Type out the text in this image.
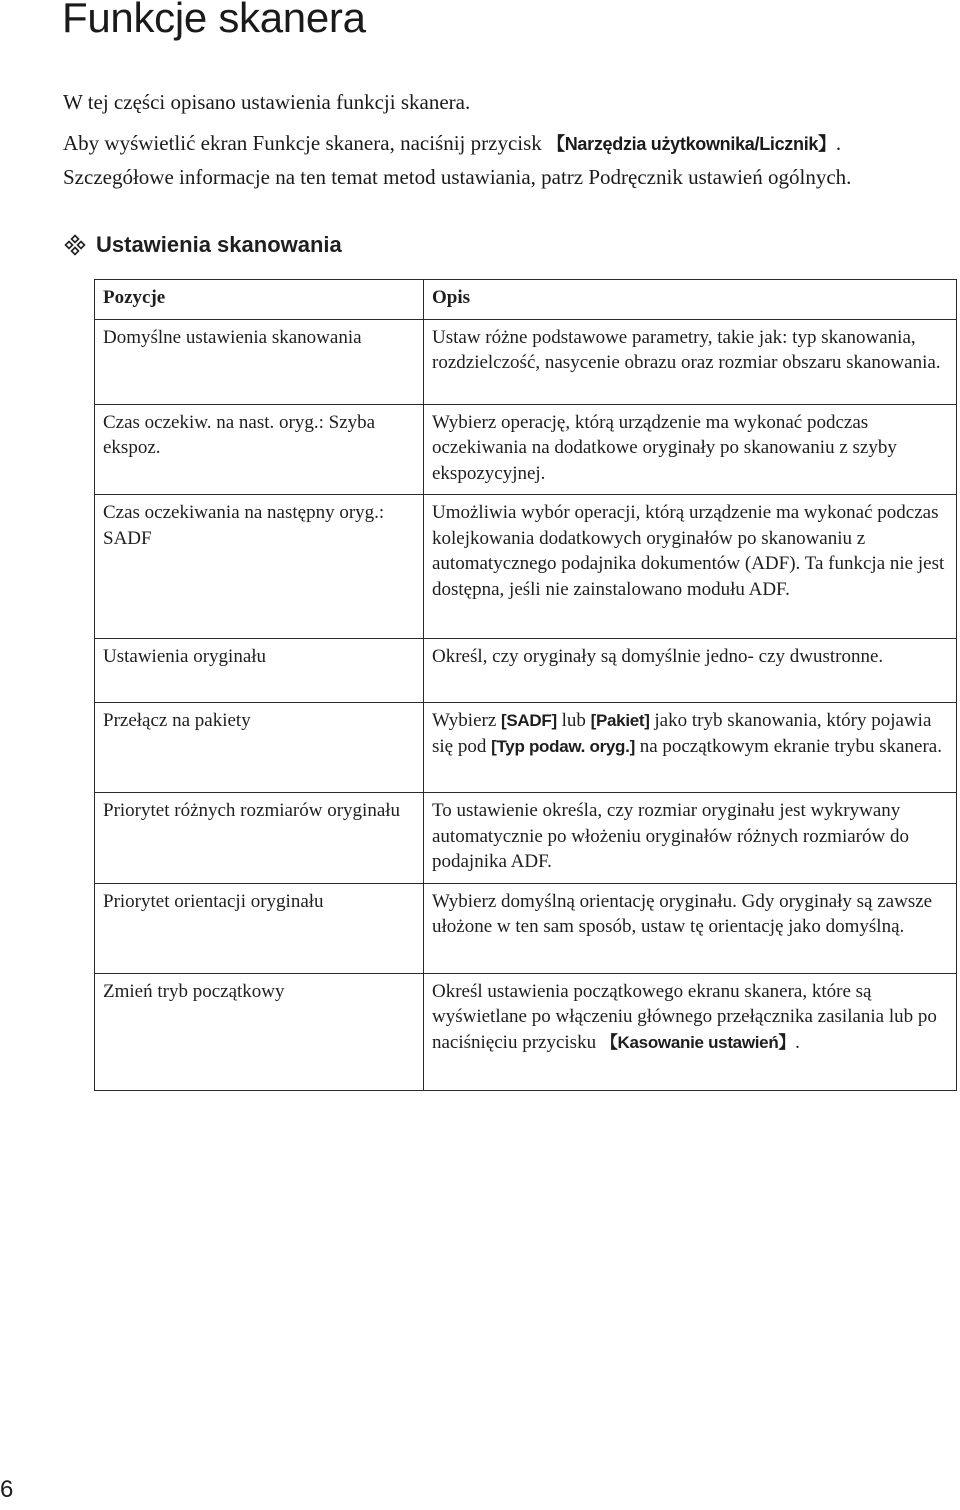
Funkcje skanera

W tej części opisano ustawienia funkcji skanera.

Aby wyświetlić ekran Funkcje skanera, naciśnij przycisk 【Narzędzia użytkownika/Licznik】.

Szczegółowe informacje na ten temat metod ustawiania, patrz Podręcznik ustawień ogólnych.

Ustawienia skanowania
Pozycje	Opis
Domyślne ustawienia skanowania	Ustaw różne podstawowe parametry, takie jak: typ skanowania, rozdzielczość, nasycenie obrazu oraz rozmiar obszaru skanowania.
Czas oczekiw. na nast. oryg.: Szyba ekspoz.	Wybierz operację, którą urządzenie ma wykonać podczas oczekiwania na dodatkowe oryginały po skanowaniu z szyby ekspozycyjnej.
Czas oczekiwania na następny oryg.: SADF	Umożliwia wybór operacji, którą urządzenie ma wykonać podczas kolejkowania dodatkowych oryginałów po skanowaniu z automatycznego podajnika dokumentów (ADF). Ta funkcja nie jest dostępna, jeśli nie zainstalowano modułu ADF.
Ustawienia oryginału	Określ, czy oryginały są domyślnie jedno- czy dwustronne.
Przełącz na pakiety	Wybierz [SADF] lub [Pakiet] jako tryb skanowania, który pojawia się pod [Typ podaw. oryg.] na początkowym ekranie trybu skanera.
Priorytet różnych rozmiarów oryginału	To ustawienie określa, czy rozmiar oryginału jest wykrywany automatycznie po włożeniu oryginałów różnych rozmiarów do podajnika ADF.
Priorytet orientacji oryginału	Wybierz domyślną orientację oryginału. Gdy oryginały są zawsze ułożone w ten sam sposób, ustaw tę orientację jako domyślną.
Zmień tryb początkowy	Określ ustawienia początkowego ekranu skanera, które są wyświetlane po włączeniu głównego przełącznika zasilania lub po naciśnięciu przycisku 【Kasowanie ustawień】.
6
